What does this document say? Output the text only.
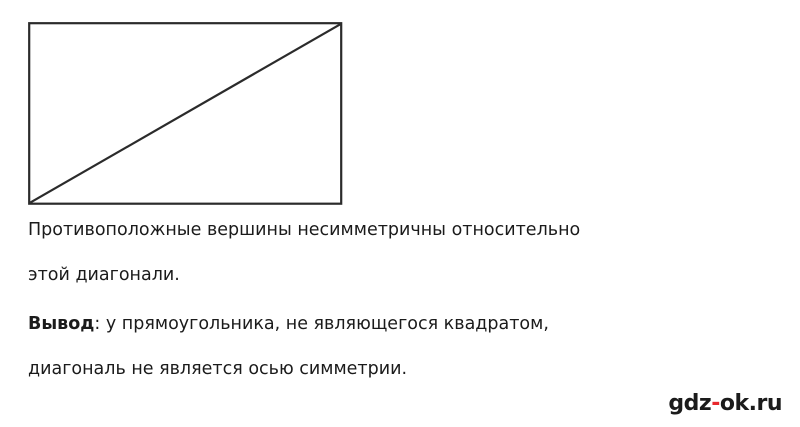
Противоположные вершины несимметричны относительно

этой диагонали.

Вывод: у прямоугольника, не являющегося квадратом,

диагональ не является осью симметрии.

gdz-ok.ru
